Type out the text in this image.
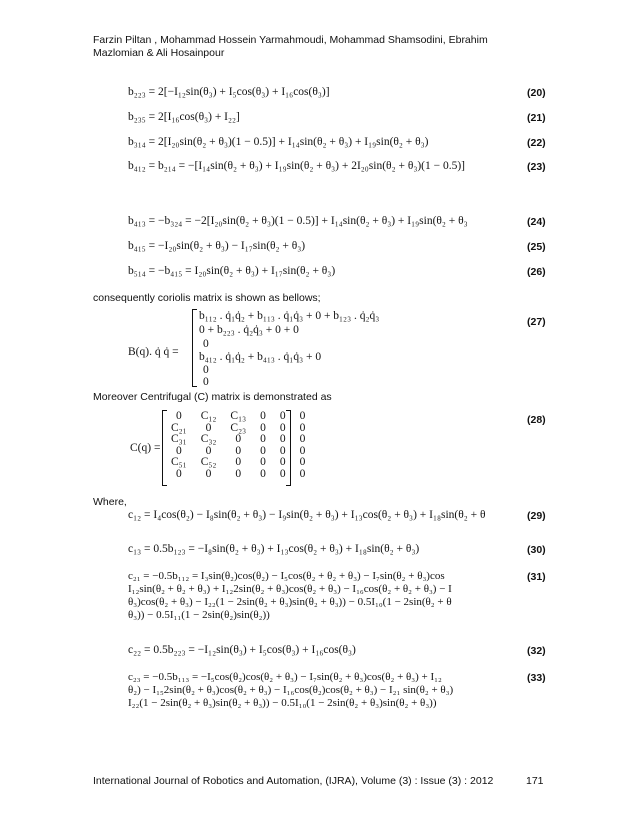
Farzin Piltan , Mohammad Hossein Yarmahmoudi, Mohammad Shamsodini, Ebrahim Mazlomian & Ali Hosainpour
b₂₂₃ = 2[−I₁₂sin(θ₃) + I₅cos(θ₃) + I₁₆cos(θ₃)]	(20)
b₂₃₅ = 2[I₁₆cos(θ₃) + I₂₂]	(21)
b₃₁₄ = 2[I₂₀sin(θ₂ + θ₃)(1 − 0.5)] + I₁₄sin(θ₂ + θ₃) + I₁₉sin(θ₂ + θ₃)	(22)
b₄₁₂ = b₂₁₄ = −[I₁₄sin(θ₂ + θ₃) + I₁₉sin(θ₂ + θ₃) + 2I₂₀sin(θ₂ + θ₃)(1 − 0.5)]	(23)
b₄₁₃ = −b₃₂₄ = −2[I₂₀sin(θ₂ + θ₃)(1 − 0.5)] + I₁₄sin(θ₂ + θ₃) + I₁₉sin(θ₂ + θ₃	(24)
b₄₁₅ = −I₂₀sin(θ₂ + θ₃) − I₁₇sin(θ₂ + θ₃)	(25)
b₅₁₄ = −b₄₁₅ = I₂₀sin(θ₂ + θ₃) + I₁₇sin(θ₂ + θ₃)	(26)
consequently coriolis matrix is shown as bellows;
B(q). q̇ q̇ =
b₁₁₂ . q̇₁q̇₂ + b₁₁₃ . q̇₁q̇₃ + 0 + b₁₂₃ . q̇₂q̇₃
0 + b₂₂₃ . q̇₂q̇₃ + 0 + 0
0
b₄₁₂ . q̇₁q̇₂ + b₄₁₃ . q̇₁q̇₃ + 0
0
0
(27)
Moreover Centrifugal (C) matrix is demonstrated as
C(q) =
0	C₁₂	C₁₃	0	0	0
C₂₁	0	C₂₃	0	0	0
C₃₁	C₃₂	0	0	0	0
0	0	0	0	0	0
C₅₁	C₅₂	0	0	0	0
0	0	0	0	0	0
(28)
Where,
c₁₂ = I₄cos(θ₂) − I₈sin(θ₂ + θ₃) − I₉sin(θ₂ + θ₃) + I₁₃cos(θ₂ + θ₃) + I₁₈sin(θ₂ + θ	(29)
c₁₃ = 0.5b₁₂₃ = −I₈sin(θ₂ + θ₃) + I₁₃cos(θ₂ + θ₃) + I₁₈sin(θ₂ + θ₃)	(30)
c₂₁ = −0.5b₁₁₂ = I₃sin(θ₂)cos(θ₂) − I₅cos(θ₂ + θ₂ + θ₃) − I₇sin(θ₂ + θ₃)cos
I₁₂sin(θ₂ + θ₂ + θ₃) + I₁₂2sin(θ₂ + θ₃)cos(θ₂ + θ₃) − I₁₆cos(θ₂ + θ₂ + θ₃) − I
θ₃)cos(θ₂ + θ₃) − I₂₂(1 − 2sin(θ₂ + θ₃)sin(θ₂ + θ₃)) − 0.5I₁₀(1 − 2sin(θ₂ + θ
θ₃)) − 0.5I₁₁(1 − 2sin(θ₂)sin(θ₂))
(31)
c₂₂ = 0.5b₂₂₃ = −I₁₂sin(θ₃) + I₅cos(θ₃) + I₁₆cos(θ₃)	(32)
c₂₃ = −0.5b₁₁₃ = −I₅cos(θ₂)cos(θ₂ + θ₃) − I₇sin(θ₂ + θ₃)cos(θ₂ + θ₃) + I₁₂
θ₂) − I₁₅2sin(θ₂ + θ₃)cos(θ₂ + θ₃) − I₁₆cos(θ₂)cos(θ₂ + θ₃) − I₂₁ sin(θ₂ + θ₃)
I₂₂(1 − 2sin(θ₂ + θ₃)sin(θ₂ + θ₃)) − 0.5I₁₀(1 − 2sin(θ₂ + θ₃)sin(θ₂ + θ₃))
(33)
International Journal of Robotics and Automation, (IJRA), Volume (3) : Issue (3) : 2012	171
